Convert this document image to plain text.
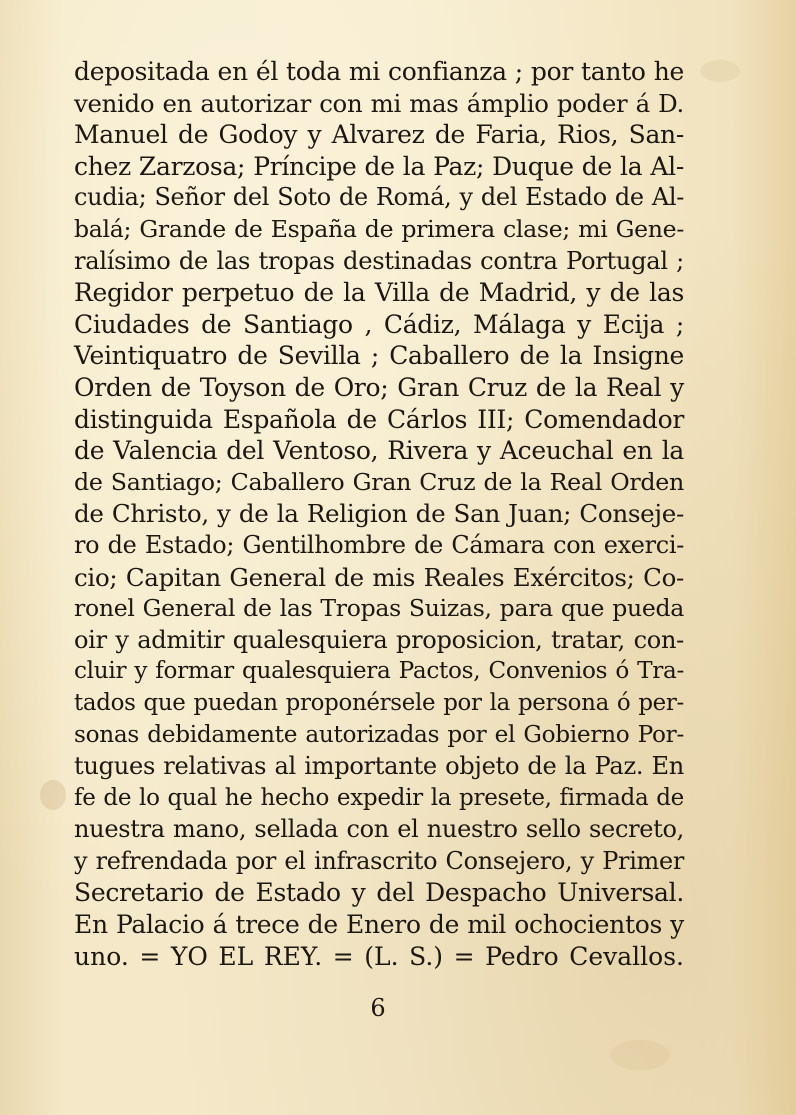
depositada en él toda mi confianza ; por tanto he
venido en autorizar con mi mas ámplio poder á D.
Manuel de Godoy y Alvarez de Faria, Rios, San-
chez Zarzosa; Príncipe de la Paz; Duque de la Al-
cudia; Señor del Soto de Romá, y del Estado de Al-
balá; Grande de España de primera clase; mi Gene-
ralísimo de las tropas destinadas contra Portugal ;
Regidor perpetuo de la Villa de Madrid, y de las
Ciudades de Santiago , Cádiz, Málaga y Ecija ;
Veintiquatro de Sevilla ; Caballero de la Insigne
Orden de Toyson de Oro; Gran Cruz de la Real y
distinguida Española de Cárlos III; Comendador
de Valencia del Ventoso, Rivera y Aceuchal en la
de Santiago; Caballero Gran Cruz de la Real Orden
de Christo, y de la Religion de San Juan; Conseje-
ro de Estado; Gentilhombre de Cámara con exerci-
cio; Capitan General de mis Reales Exércitos; Co-
ronel General de las Tropas Suizas, para que pueda
oir y admitir qualesquiera proposicion, tratar, con-
cluir y formar qualesquiera Pactos, Convenios ó Tra-
tados que puedan proponérsele por la persona ó per-
sonas debidamente autorizadas por el Gobierno Por-
tugues relativas al importante objeto de la Paz. En
fe de lo qual he hecho expedir la presete, firmada de
nuestra mano, sellada con el nuestro sello secreto,
y refrendada por el infrascrito Consejero, y Primer
Secretario de Estado y del Despacho Universal.
En Palacio á trece de Enero de mil ochocientos y
uno. = YO EL REY. = (L. S.) = Pedro Cevallos.
6
